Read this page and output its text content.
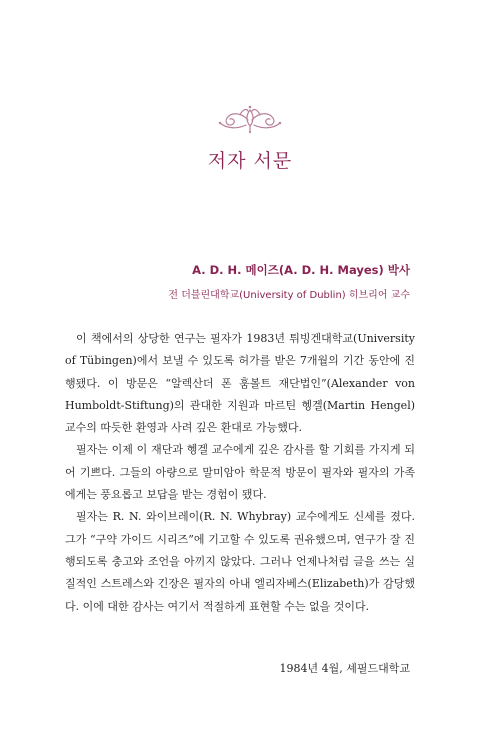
저자 서문
A. D. H. 메이즈(A. D. H. Mayes) 박사
전 더블린대학교(University of Dublin) 히브리어 교수

이 책에서의 상당한 연구는 필자가 1983년 튀빙겐대학교(University of Tübingen)에서 보낼 수 있도록 허가를 받은 7개월의 기간 동안에 진행됐다. 이 방문은 “알렉산더 폰 훔볼트 재단법인”(Alexander von Humboldt-Stiftung)의 관대한 지원과 마르틴 헹겔(Martin Hengel) 교수의 따듯한 환영과 사려 깊은 환대로 가능했다.

필자는 이제 이 재단과 헹겔 교수에게 깊은 감사를 할 기회를 가지게 되어 기쁘다. 그들의 아량으로 말미암아 학문적 방문이 필자와 필자의 가족에게는 풍요롭고 보답을 받는 경험이 됐다.

필자는 R. N. 와이브레이(R. N. Whybray) 교수에게도 신세를 졌다. 그가 “구약 가이드 시리즈”에 기고할 수 있도록 권유했으며, 연구가 잘 진행되도록 충고와 조언을 아끼지 않았다. 그러나 언제나처럼 글을 쓰는 실질적인 스트레스와 긴장은 필자의 아내 엘리자베스(Elizabeth)가 감당했다. 이에 대한 감사는 여기서 적절하게 표현할 수는 없을 것이다.

1984년 4월, 셰필드대학교
